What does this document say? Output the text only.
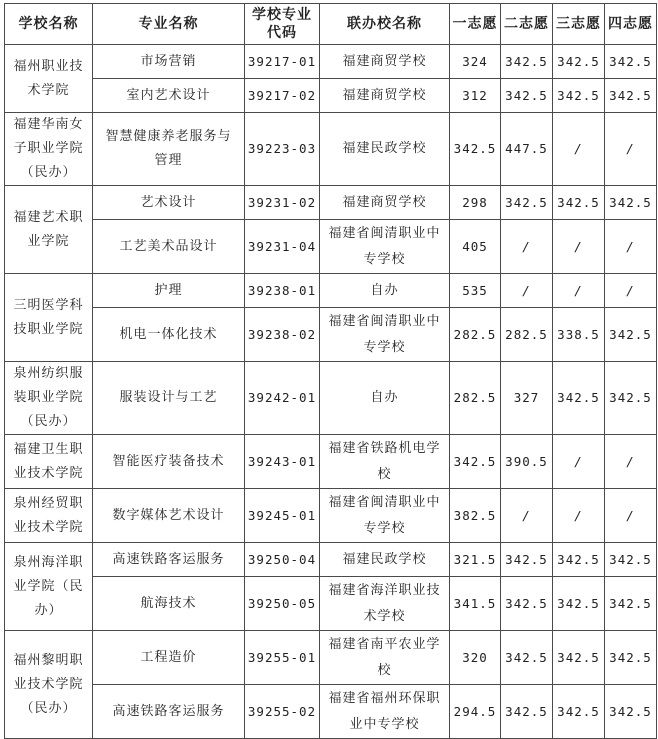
学校名称	专业名称	学校专业代码	联办校名称	一志愿	二志愿	三志愿	四志愿
福州职业技术学院	市场营销	39217-01	福建商贸学校	324	342.5	342.5	342.5
	室内艺术设计	39217-02	福建商贸学校	312	342.5	342.5	342.5
福建华南女子职业学院（民办）	智慧健康养老服务与管理	39223-03	福建民政学校	342.5	447.5	/	/
福建艺术职业学院	艺术设计	39231-02	福建商贸学校	298	342.5	342.5	342.5
	工艺美术品设计	39231-04	福建省闽清职业中专学校	405	/	/	/
三明医学科技职业学院	护理	39238-01	自办	535	/	/	/
	机电一体化技术	39238-02	福建省闽清职业中专学校	282.5	282.5	338.5	342.5
泉州纺织服装职业学院（民办）	服装设计与工艺	39242-01	自办	282.5	327	342.5	342.5
福建卫生职业技术学院	智能医疗装备技术	39243-01	福建省铁路机电学校	342.5	390.5	/	/
泉州经贸职业技术学院	数字媒体艺术设计	39245-01	福建省闽清职业中专学校	382.5	/	/	/
泉州海洋职业学院（民办）	高速铁路客运服务	39250-04	福建民政学校	321.5	342.5	342.5	342.5
	航海技术	39250-05	福建省海洋职业技术学校	341.5	342.5	342.5	342.5
福州黎明职业技术学院（民办）	工程造价	39255-01	福建省南平农业学校	320	342.5	342.5	342.5
	高速铁路客运服务	39255-02	福建省福州环保职业中专学校	294.5	342.5	342.5	342.5
